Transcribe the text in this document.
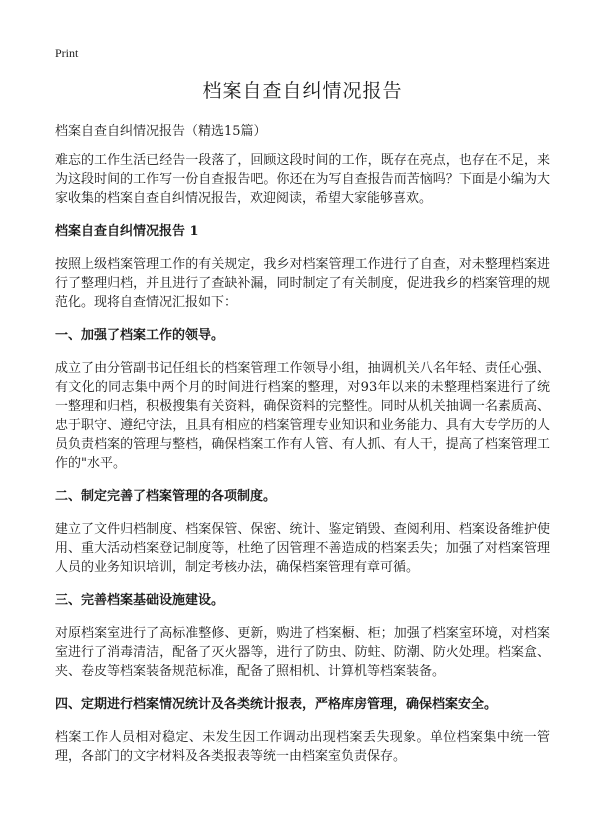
Print
档案自查自纠情况报告
档案自查自纠情况报告（精选15篇）

难忘的工作生活已经告一段落了，回顾这段时间的工作，既存在亮点，也存在不足，来为这段时间的工作写一份自查报告吧。你还在为写自查报告而苦恼吗？下面是小编为大家收集的档案自查自纠情况报告，欢迎阅读，希望大家能够喜欢。

档案自查自纠情况报告 1

按照上级档案管理工作的有关规定，我乡对档案管理工作进行了自查，对未整理档案进行了整理归档，并且进行了查缺补漏，同时制定了有关制度，促进我乡的档案管理的规范化。现将自查情况汇报如下：

一、加强了档案工作的领导。

成立了由分管副书记任组长的档案管理工作领导小组，抽调机关八名年轻、责任心强、有文化的同志集中两个月的时间进行档案的整理，对93年以来的未整理档案进行了统一整理和归档，积极搜集有关资料，确保资料的完整性。同时从机关抽调一名素质高、忠于职守、遵纪守法，且具有相应的档案管理专业知识和业务能力、具有大专学历的人员负责档案的管理与整档，确保档案工作有人管、有人抓、有人干，提高了档案管理工作的"水平。

二、制定完善了档案管理的各项制度。

建立了文件归档制度、档案保管、保密、统计、鉴定销毁、查阅利用、档案设备维护使用、重大活动档案登记制度等，杜绝了因管理不善造成的档案丢失；加强了对档案管理人员的业务知识培训，制定考核办法，确保档案管理有章可循。

三、完善档案基础设施建设。

对原档案室进行了高标准整修、更新，购进了档案橱、柜；加强了档案室环境，对档案室进行了消毒清洁，配备了灭火器等，进行了防虫、防蛀、防潮、防火处理。档案盒、夹、卷皮等档案装备规范标准，配备了照相机、计算机等档案装备。

四、定期进行档案情况统计及各类统计报表，严格库房管理，确保档案安全。

档案工作人员相对稳定、未发生因工作调动出现档案丢失现象。单位档案集中统一管理，各部门的文字材料及各类报表等统一由档案室负责保存。
